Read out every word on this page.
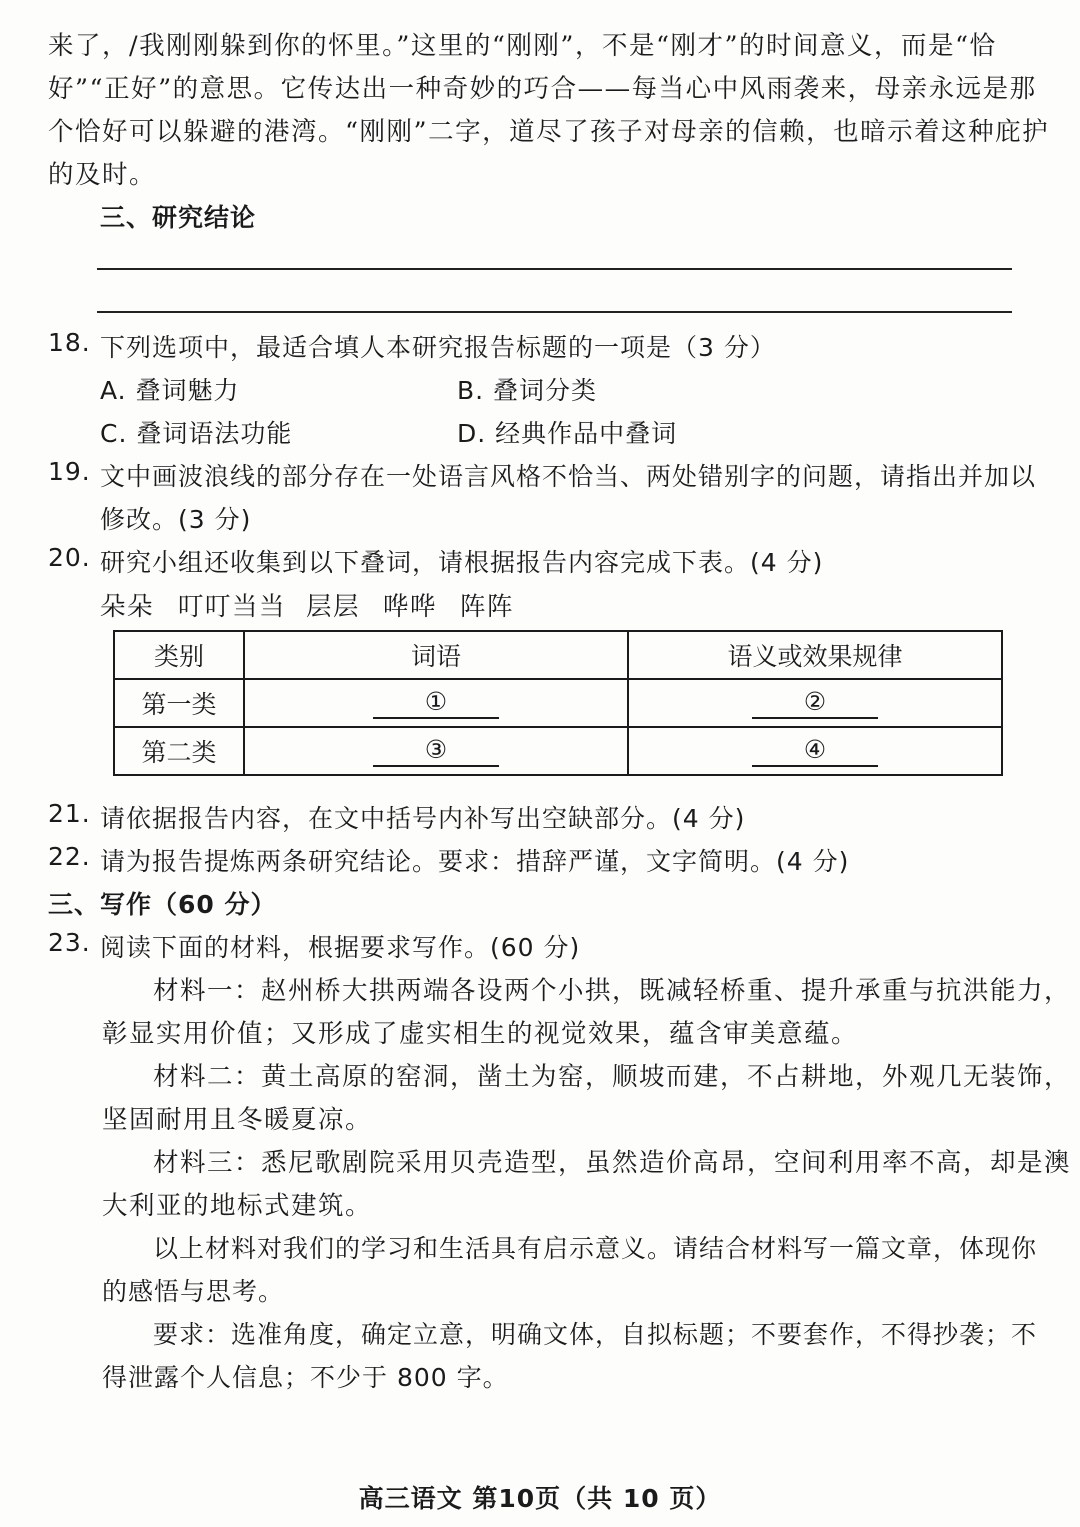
来了，/我刚刚躲到你的怀里。”这里的“刚刚”，不是“刚才”的时间意义，而是“恰
好”“正好”的意思。它传达出一种奇妙的巧合——每当心中风雨袭来，母亲永远是那
个恰好可以躲避的港湾。“刚刚”二字，道尽了孩子对母亲的信赖，也暗示着这种庇护
的及时。
三、研究结论
18. 下列选项中，最适合填人本研究报告标题的一项是（3 分）
A. 叠词魅力	B. 叠词分类
C. 叠词语法功能	D. 经典作品中叠词
19. 文中画波浪线的部分存在一处语言风格不恰当、两处错别字的问题，请指出并加以
修改。(3 分)
20. 研究小组还收集到以下叠词，请根据报告内容完成下表。(4 分)
朵朵 叮叮当当 层层 哗哗 阵阵
类别	词语	语义或效果规律
第一类	①	②
第二类	③	④
21. 请依据报告内容，在文中括号内补写出空缺部分。(4 分)
22. 请为报告提炼两条研究结论。要求：措辞严谨，文字简明。(4 分)
三、写作（60 分）
23. 阅读下面的材料，根据要求写作。(60 分)
材料一：赵州桥大拱两端各设两个小拱，既减轻桥重、提升承重与抗洪能力，
彰显实用价值；又形成了虚实相生的视觉效果，蕴含审美意蕴。
材料二：黄土高原的窑洞，凿土为窑，顺坡而建，不占耕地，外观几无装饰，
坚固耐用且冬暖夏凉。
材料三：悉尼歌剧院采用贝壳造型，虽然造价高昂，空间利用率不高，却是澳
大利亚的地标式建筑。
以上材料对我们的学习和生活具有启示意义。请结合材料写一篇文章，体现你
的感悟与思考。
要求：选准角度，确定立意，明确文体，自拟标题；不要套作，不得抄袭；不
得泄露个人信息；不少于 800 字。
高三语文 第10页（共 10 页）
